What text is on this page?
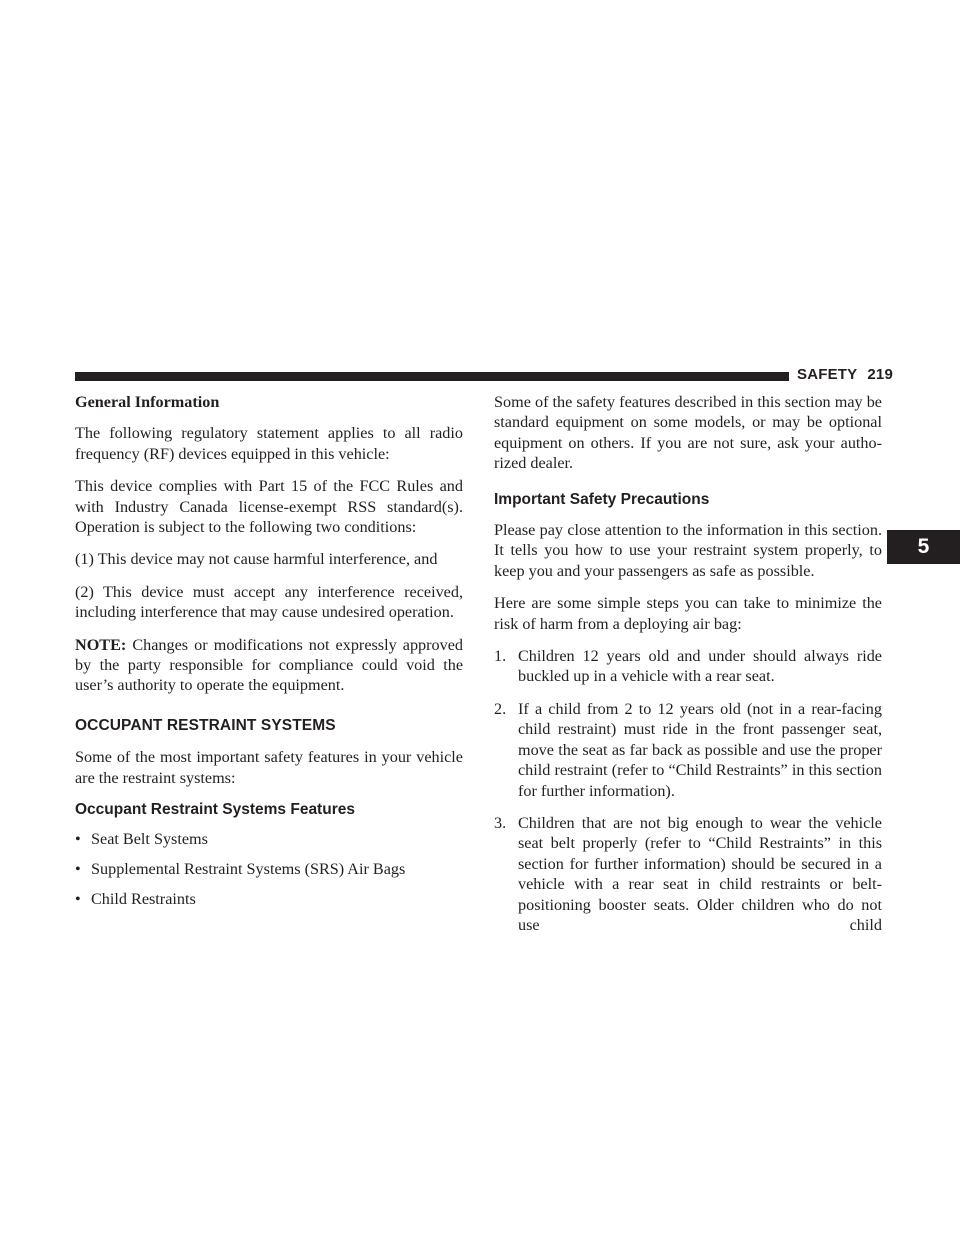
SAFETY 219
5
General Information

The following regulatory statement applies to all radio frequency (RF) devices equipped in this vehicle:

This device complies with Part 15 of the FCC Rules and with Industry Canada license-exempt RSS standard(s). Operation is subject to the following two conditions:

(1) This device may not cause harmful interference, and

(2) This device must accept any interference received, including interference that may cause undesired operation.

NOTE: Changes or modifications not expressly approved by the party responsible for compliance could void the user’s authority to operate the equipment.

OCCUPANT RESTRAINT SYSTEMS

Some of the most important safety features in your vehicle are the restraint systems:

Occupant Restraint Systems Features
• Seat Belt Systems
• Supplemental Restraint Systems (SRS) Air Bags
• Child Restraints

Some of the safety features described in this section may be standard equipment on some models, or may be optional equipment on others. If you are not sure, ask your autho-rized dealer.

Important Safety Precautions

Please pay close attention to the information in this section. It tells you how to use your restraint system properly, to keep you and your passengers as safe as possible.

Here are some simple steps you can take to minimize the risk of harm from a deploying air bag:

1. Children 12 years old and under should always ride buckled up in a vehicle with a rear seat.
2. If a child from 2 to 12 years old (not in a rear-facing child restraint) must ride in the front passenger seat, move the seat as far back as possible and use the proper child restraint (refer to “Child Restraints” in this section for further information).
3. Children that are not big enough to wear the vehicle seat belt properly (refer to “Child Restraints” in this section for further information) should be secured in a vehicle with a rear seat in child restraints or belt-positioning booster seats. Older children who do not use child
